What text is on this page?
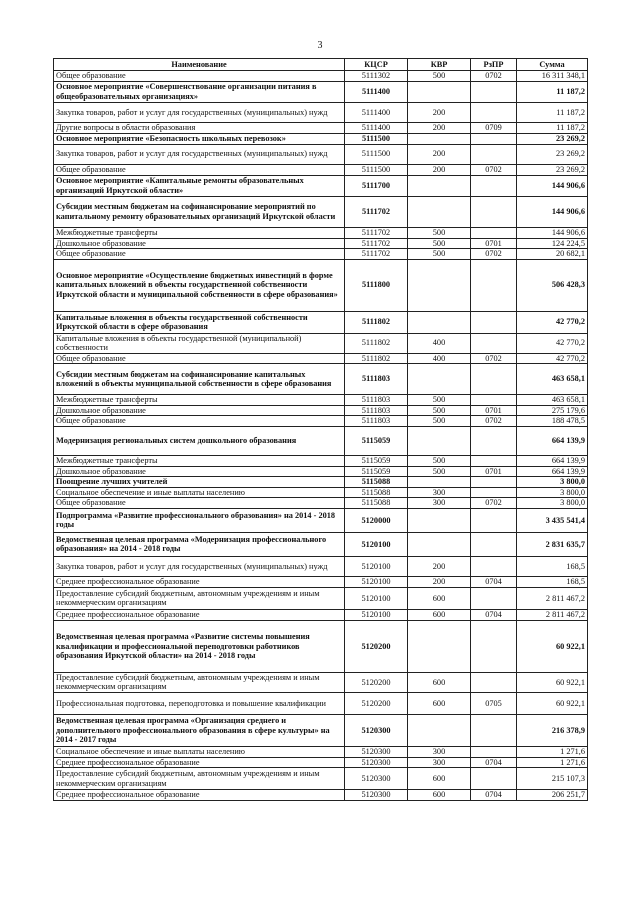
3
Наименование	КЦСР	КВР	РзПР	Сумма
Общее образование	5111302	500	0702	16 311 348,1
Основное мероприятие «Совершенствование организации питания в общеобразовательных организациях»	5111400			11 187,2
Закупка товаров, работ и услуг для государственных (муниципальных) нужд	5111400	200		11 187,2
Другие вопросы в области образования	5111400	200	0709	11 187,2
Основное мероприятие «Безопасность школьных перевозок»	5111500			23 269,2
Закупка товаров, работ и услуг для государственных (муниципальных) нужд	5111500	200		23 269,2
Общее образование	5111500	200	0702	23 269,2
Основное мероприятие «Капитальные ремонты образовательных организаций Иркутской области»	5111700			144 906,6
Субсидии местным бюджетам на софинансирование мероприятий по капитальному ремонту образовательных организаций Иркутской области	5111702			144 906,6
Межбюджетные трансферты	5111702	500		144 906,6
Дошкольное образование	5111702	500	0701	124 224,5
Общее образование	5111702	500	0702	20 682,1
Основное мероприятие «Осуществление бюджетных инвестиций в форме капитальных вложений в объекты государственной собственности Иркутской области и муниципальной собственности в сфере образования»	5111800			506 428,3
Капитальные вложения в объекты государственной собственности Иркутской области в сфере образования	5111802			42 770,2
Капитальные вложения в объекты государственной (муниципальной) собственности	5111802	400		42 770,2
Общее образование	5111802	400	0702	42 770,2
Субсидии местным бюджетам на софинансирование капитальных вложений в объекты муниципальной собственности в сфере образования	5111803			463 658,1
Межбюджетные трансферты	5111803	500		463 658,1
Дошкольное образование	5111803	500	0701	275 179,6
Общее образование	5111803	500	0702	188 478,5
Модернизация региональных систем дошкольного образования	5115059			664 139,9
Межбюджетные трансферты	5115059	500		664 139,9
Дошкольное образование	5115059	500	0701	664 139,9
Поощрение лучших учителей	5115088			3 800,0
Социальное обеспечение и иные выплаты населению	5115088	300		3 800,0
Общее образование	5115088	300	0702	3 800,0
Подпрограмма «Развитие профессионального образования» на 2014 - 2018 годы	5120000			3 435 541,4
Ведомственная целевая программа «Модернизация профессионального образования» на 2014 - 2018 годы	5120100			2 831 635,7
Закупка товаров, работ и услуг для государственных (муниципальных) нужд	5120100	200		168,5
Среднее профессиональное образование	5120100	200	0704	168,5
Предоставление субсидий бюджетным, автономным учреждениям и иным некоммерческим организациям	5120100	600		2 811 467,2
Среднее профессиональное образование	5120100	600	0704	2 811 467,2
Ведомственная целевая программа «Развитие системы повышения квалификации и профессиональной переподготовки работников образования Иркутской области» на 2014 - 2018 годы	5120200			60 922,1
Предоставление субсидий бюджетным, автономным учреждениям и иным некоммерческим организациям	5120200	600		60 922,1
Профессиональная подготовка, переподготовка и повышение квалификации	5120200	600	0705	60 922,1
Ведомственная целевая программа «Организация среднего и дополнительного профессионального образования в сфере культуры» на 2014 - 2017 годы	5120300			216 378,9
Социальное обеспечение и иные выплаты населению	5120300	300		1 271,6
Среднее профессиональное образование	5120300	300	0704	1 271,6
Предоставление субсидий бюджетным, автономным учреждениям и иным некоммерческим организациям	5120300	600		215 107,3
Среднее профессиональное образование	5120300	600	0704	206 251,7
